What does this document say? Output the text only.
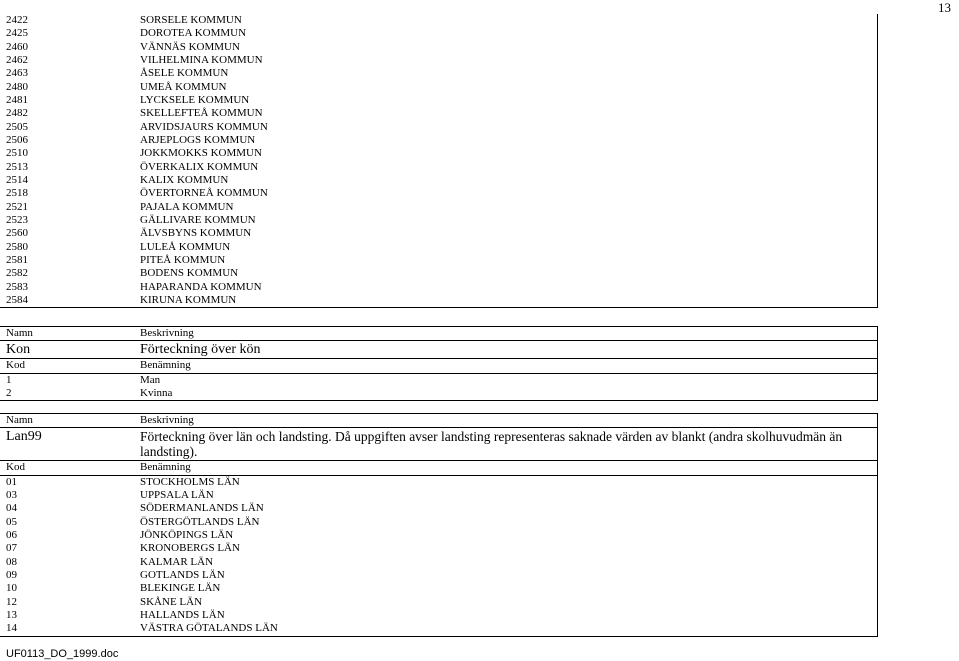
13
2422	SORSELE KOMMUN
2425	DOROTEA KOMMUN
2460	VÄNNÄS KOMMUN
2462	VILHELMINA KOMMUN
2463	ÅSELE KOMMUN
2480	UMEÅ KOMMUN
2481	LYCKSELE KOMMUN
2482	SKELLEFTEÅ KOMMUN
2505	ARVIDSJAURS KOMMUN
2506	ARJEPLOGS KOMMUN
2510	JOKKMOKKS KOMMUN
2513	ÖVERKALIX KOMMUN
2514	KALIX KOMMUN
2518	ÖVERTORNEÅ KOMMUN
2521	PAJALA KOMMUN
2523	GÄLLIVARE KOMMUN
2560	ÄLVSBYNS KOMMUN
2580	LULEÅ KOMMUN
2581	PITEÅ KOMMUN
2582	BODENS KOMMUN
2583	HAPARANDA KOMMUN
2584	KIRUNA KOMMUN
Namn	Beskrivning
Kon	Förteckning över kön
Kod	Benämning
1	Man
2	Kvinna
Namn	Beskrivning
Lan99	Förteckning över län och landsting. Då uppgiften avser landsting representeras saknade värden av blankt (andra skolhuvudmän än landsting).
Kod	Benämning
01	STOCKHOLMS LÄN
03	UPPSALA LÄN
04	SÖDERMANLANDS LÄN
05	ÖSTERGÖTLANDS LÄN
06	JÖNKÖPINGS LÄN
07	KRONOBERGS LÄN
08	KALMAR LÄN
09	GOTLANDS LÄN
10	BLEKINGE LÄN
12	SKÅNE LÄN
13	HALLANDS LÄN
14	VÄSTRA GÖTALANDS LÄN
UF0113_DO_1999.doc
